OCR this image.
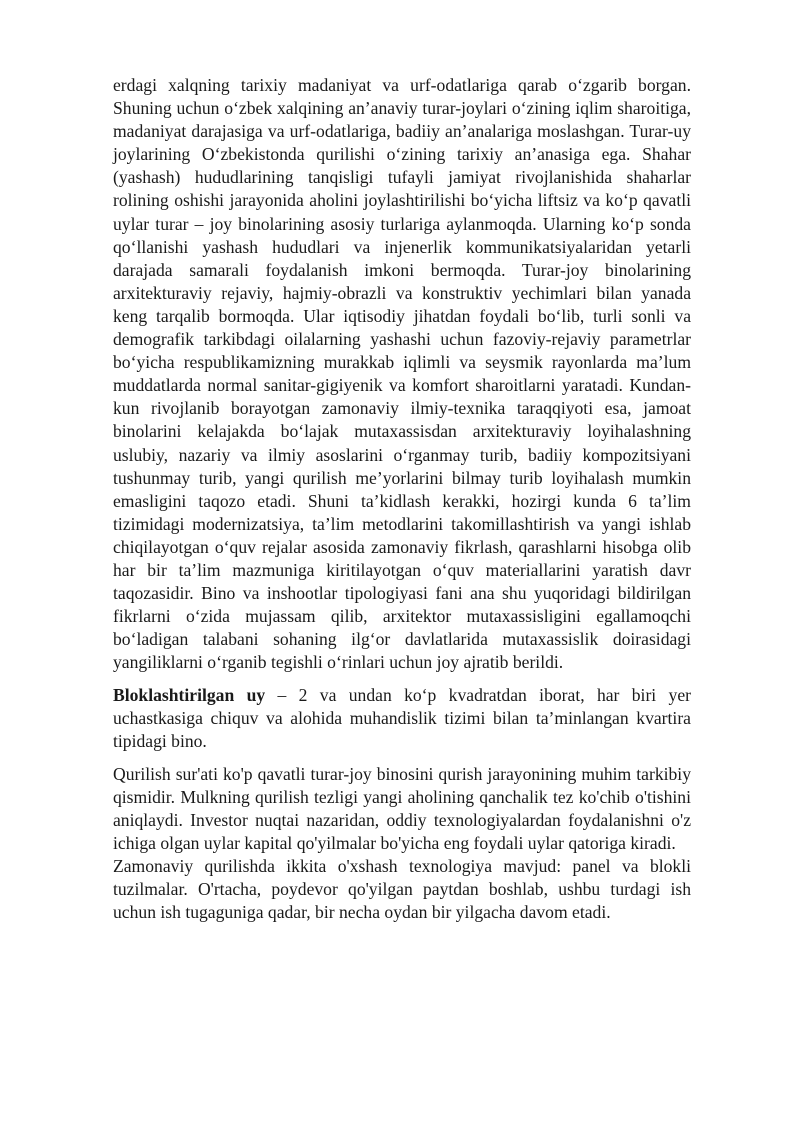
erdagi xalqning tarixiy madaniyat va urf-odatlariga qarab o‘zgarib borgan. Shuning uchun o‘zbek xalqining an’anaviy turar-joylari o‘zining iqlim sharoitiga, madaniyat darajasiga va urf-odatlariga, badiiy an’analariga moslashgan. Turar-uy joylarining O‘zbekistonda qurilishi o‘zining tarixiy an’anasiga ega. Shahar (yashash) hududlarining tanqisligi tufayli jamiyat rivojlanishida shaharlar rolining oshishi jarayonida aholini joylashtirilishi bo‘yicha liftsiz va ko‘p qavatli uylar turar – joy binolarining asosiy turlariga aylanmoqda. Ularning ko‘p sonda qo‘llanishi yashash hududlari va injenerlik kommunikatsiyalaridan yetarli darajada samarali foydalanish imkoni bermoqda. Turar-joy binolarining arxitekturaviy rejaviy, hajmiy-obrazli va konstruktiv yechimlari bilan yanada keng tarqalib bormoqda. Ular iqtisodiy jihatdan foydali bo‘lib, turli sonli va demografik tarkibdagi oilalarning yashashi uchun fazoviy-rejaviy parametrlar bo‘yicha respublikamizning murakkab iqlimli va seysmik rayonlarda ma’lum muddatlarda normal sanitar-gigiyenik va komfort sharoitlarni yaratadi. Kundan-kun rivojlanib borayotgan zamonaviy ilmiy-texnika taraqqiyoti esa, jamoat binolarini kelajakda bo‘lajak mutaxassisdan arxitekturaviy loyihalashning uslubiy, nazariy va ilmiy asoslarini o‘rganmay turib, badiiy kompozitsiyani tushunmay turib, yangi qurilish me’yorlarini bilmay turib loyihalash mumkin emasligini taqozo etadi. Shuni ta’kidlash kerakki, hozirgi kunda 6 ta’lim tizimidagi modernizatsiya, ta’lim metodlarini takomillashtirish va yangi ishlab chiqilayotgan o‘quv rejalar asosida zamonaviy fikrlash, qarashlarni hisobga olib har bir ta’lim mazmuniga kiritilayotgan o‘quv materiallarini yaratish davr taqozasidir. Bino va inshootlar tipologiyasi fani ana shu yuqoridagi bildirilgan fikrlarni o‘zida mujassam qilib, arxitektor mutaxassisligini egallamoqchi bo‘ladigan talabani sohaning ilg‘or davlatlarida mutaxassislik doirasidagi yangiliklarni o‘rganib tegishli o‘rinlari uchun joy ajratib berildi.

Bloklashtirilgan uy – 2 va undan ko‘p kvadratdan iborat, har biri yer uchastkasiga chiquv va alohida muhandislik tizimi bilan ta’minlangan kvartira tipidagi bino.

Qurilish sur'ati ko'p qavatli turar-joy binosini qurish jarayonining muhim tarkibiy qismidir. Mulkning qurilish tezligi yangi aholining qanchalik tez ko'chib o'tishini aniqlaydi. Investor nuqtai nazaridan, oddiy texnologiyalardan foydalanishni o'z ichiga olgan uylar kapital qo'yilmalar bo'yicha eng foydali uylar qatoriga kiradi.

Zamonaviy qurilishda ikkita o'xshash texnologiya mavjud: panel va blokli tuzilmalar. O'rtacha, poydevor qo'yilgan paytdan boshlab, ushbu turdagi ish uchun ish tugaguniga qadar, bir necha oydan bir yilgacha davom etadi.
